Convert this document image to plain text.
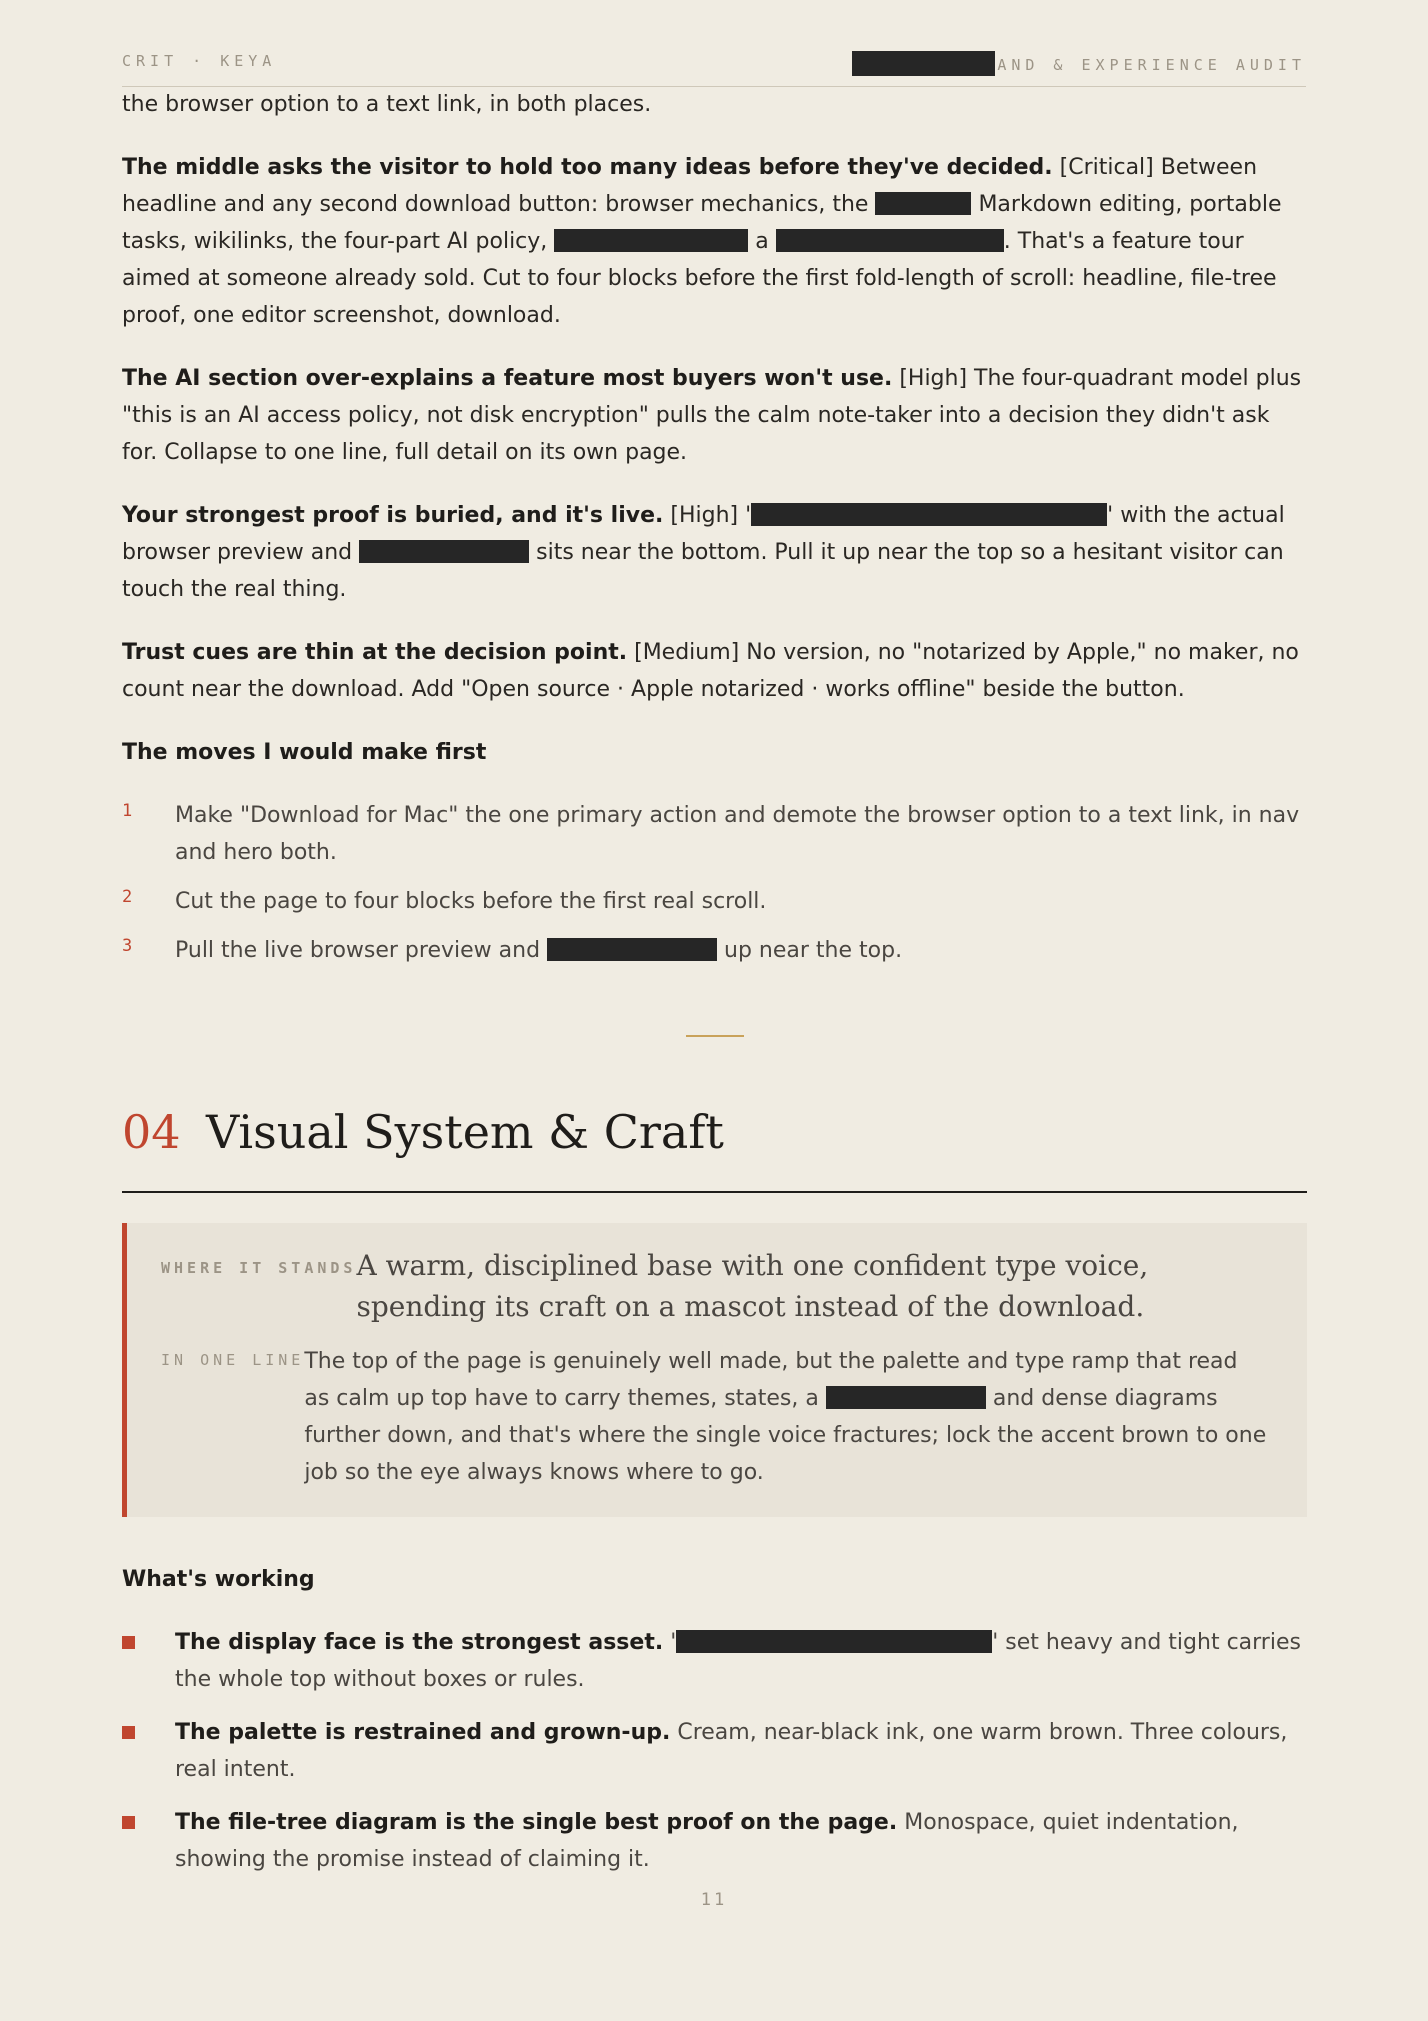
CRIT · KEYA	AND & EXPERIENCE AUDIT

the browser option to a text link, in both places.

The middle asks the visitor to hold too many ideas before they've decided. [Critical] Between headline and any second download button: browser mechanics, the	Markdown editing, portable tasks, wikilinks, the four-part AI policy,	a	. That's a feature tour aimed at someone already sold. Cut to four blocks before the first fold-length of scroll: headline, file-tree proof, one editor screenshot, download.

The AI section over-explains a feature most buyers won't use. [High] The four-quadrant model plus "this is an AI access policy, not disk encryption" pulls the calm note-taker into a decision they didn't ask for. Collapse to one line, full detail on its own page.

Your strongest proof is buried, and it's live. [High] '	' with the actual browser preview and	sits near the bottom. Pull it up near the top so a hesitant visitor can touch the real thing.

Trust cues are thin at the decision point. [Medium] No version, no "notarized by Apple," no maker, no count near the download. Add "Open source · Apple notarized · works offline" beside the button.

The moves I would make first
1 Make "Download for Mac" the one primary action and demote the browser option to a text link, in nav and hero both.
2 Cut the page to four blocks before the first real scroll.
3 Pull the live browser preview and	up near the top.
04 Visual System & Craft
WHERE IT STANDS A warm, disciplined base with one confident type voice, spending its craft on a mascot instead of the download.
IN ONE LINE The top of the page is genuinely well made, but the palette and type ramp that read as calm up top have to carry themes, states, a	and dense diagrams further down, and that's where the single voice fractures; lock the accent brown to one job so the eye always knows where to go.
What's working
The display face is the strongest asset. '	' set heavy and tight carries the whole top without boxes or rules.
The palette is restrained and grown-up. Cream, near-black ink, one warm brown. Three colours, real intent.
The file-tree diagram is the single best proof on the page. Monospace, quiet indentation, showing the promise instead of claiming it.
11
